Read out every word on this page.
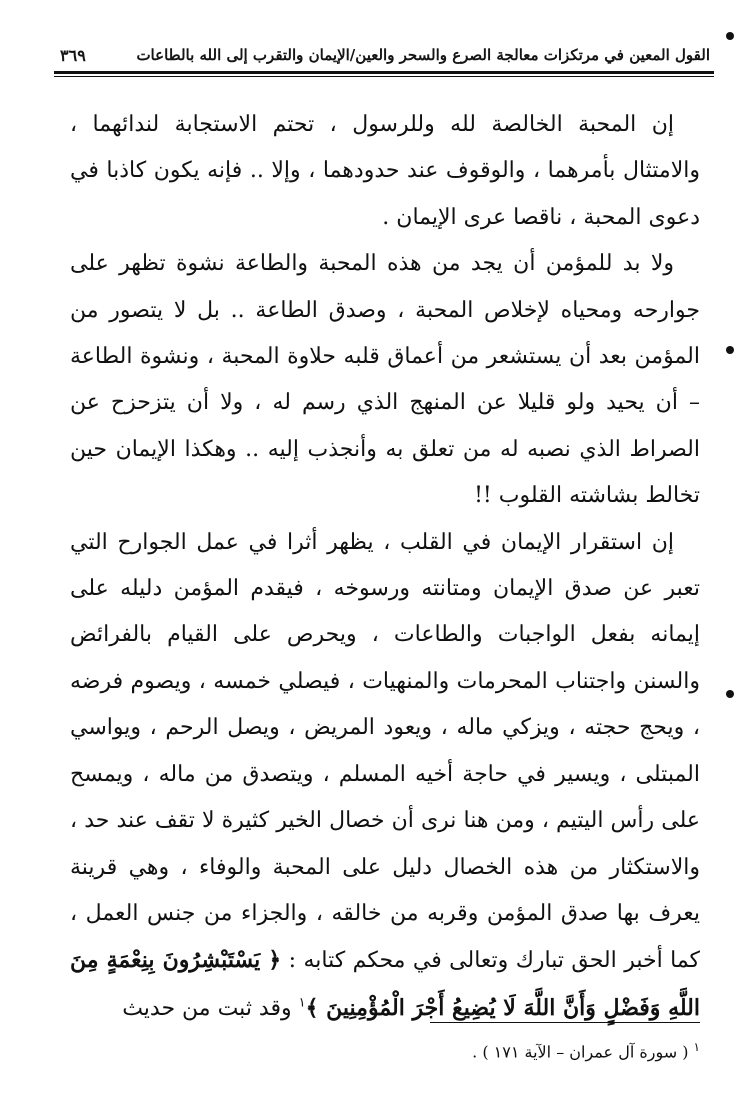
القول المعين في مرتكزات معالجة الصرع والسحر والعين/الإيمان والتقرب إلى الله بالطاعات
٣٦٩

إن المحبة الخالصة لله وللرسول ، تحتم الاستجابة لندائهما ، والامتثال بأمرهما ، والوقوف عند حدودهما ، وإلا .. فإنه يكون كاذبا في دعوى المحبة ، ناقصا عرى الإيمان .

ولا بد للمؤمن أن يجد من هذه المحبة والطاعة نشوة تظهر على جوارحه ومحياه لإخلاص المحبة ، وصدق الطاعة .. بل لا يتصور من المؤمن بعد أن يستشعر من أعماق قلبه حلاوة المحبة ، ونشوة الطاعة – أن يحيد ولو قليلا عن المنهج الذي رسم له ، ولا أن يتزحزح عن الصراط الذي نصبه له من تعلق به وأنجذب إليه .. وهكذا الإيمان حين تخالط بشاشته القلوب !!

إن استقرار الإيمان في القلب ، يظهر أثرا في عمل الجوارح التي تعبر عن صدق الإيمان ومتانته ورسوخه ، فيقدم المؤمن دليله على إيمانه بفعل الواجبات والطاعات ، ويحرص على القيام بالفرائض والسنن واجتناب المحرمات والمنهيات ، فيصلي خمسه ، ويصوم فرضه ، ويحج حجته ، ويزكي ماله ، ويعود المريض ، ويصل الرحم ، ويواسي المبتلى ، ويسير في حاجة أخيه المسلم ، ويتصدق من ماله ، ويمسح على رأس اليتيم ، ومن هنا نرى أن خصال الخير كثيرة لا تقف عند حد ، والاستكثار من هذه الخصال دليل على المحبة والوفاء ، وهي قرينة يعرف بها صدق المؤمن وقربه من خالقه ، والجزاء من جنس العمل ، كما أخبر الحق تبارك وتعالى في محكم كتابه : ﴿ يَسْتَبْشِرُونَ بِنِعْمَةٍ مِنَ اللَّهِ وَفَضْلٍ وَأَنَّ اللَّهَ لَا يُضِيعُ أَجْرَ الْمُؤْمِنِينَ ﴾$^١$ وقد ثبت من حديث

$^١$ ( سورة آل عمران – الآية ١٧١ ) .
